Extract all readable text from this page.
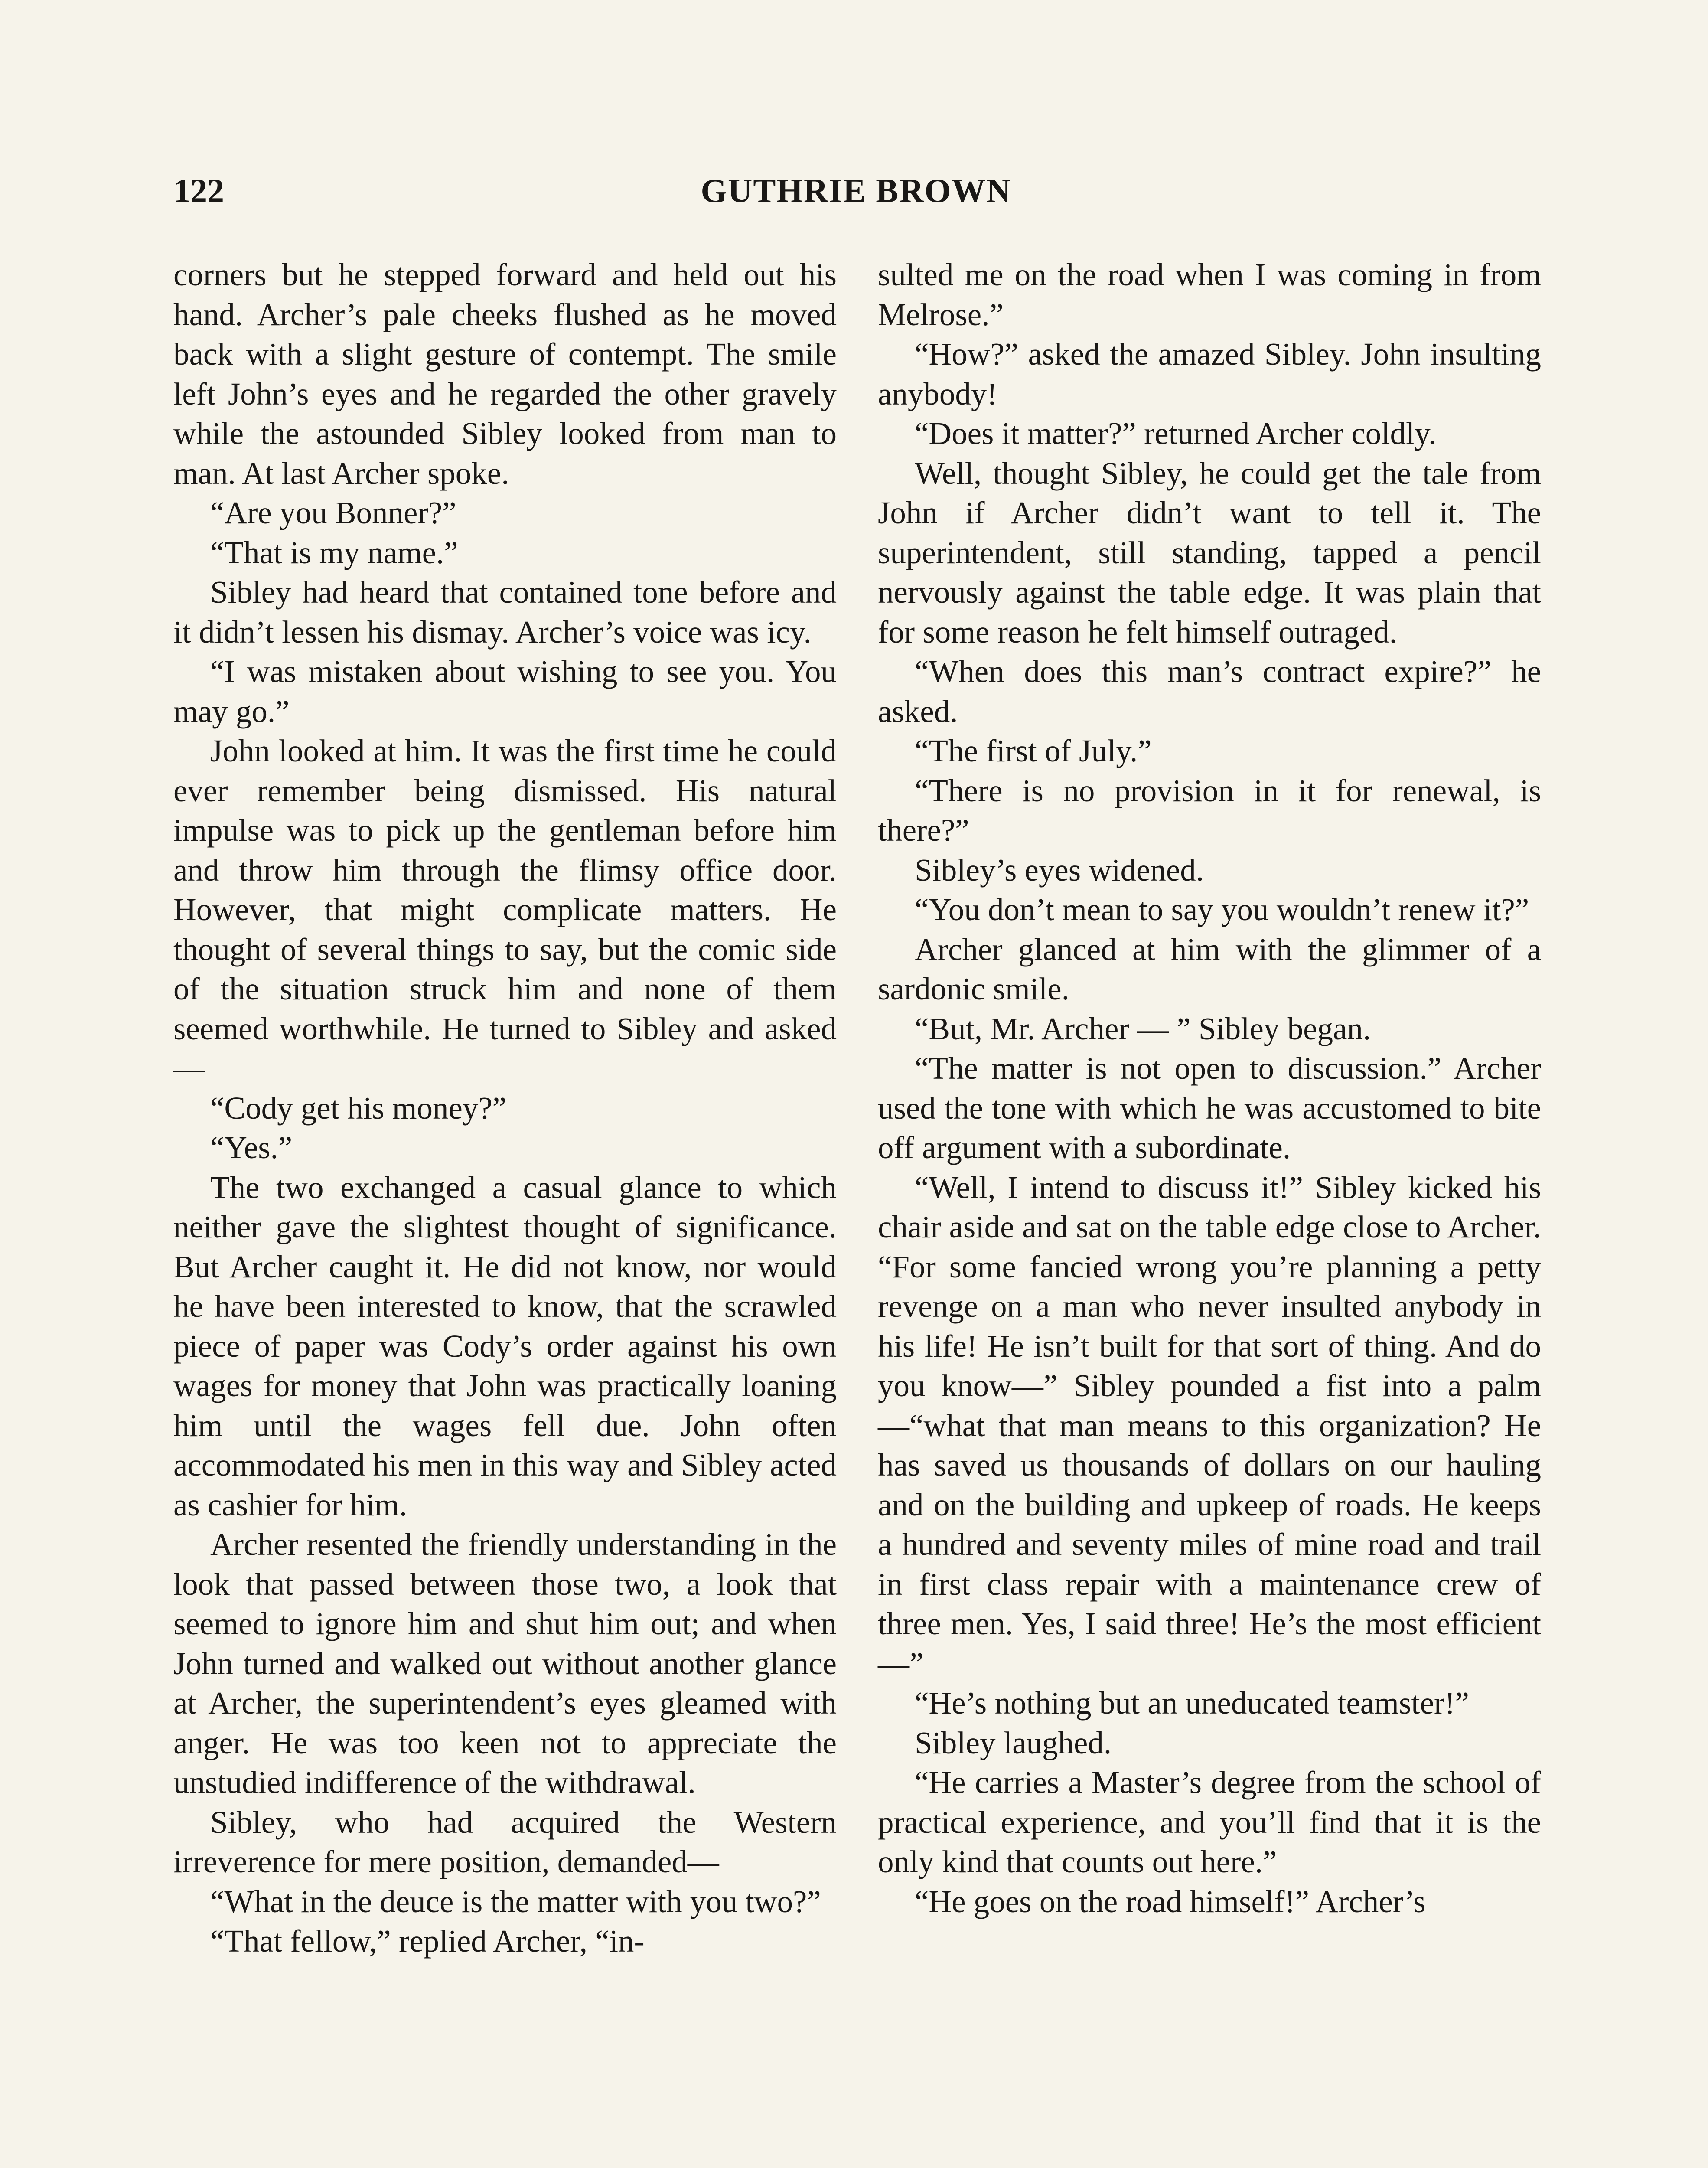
122	GUTHRIE BROWN

corners but he stepped forward and held out his hand. Archer’s pale cheeks flushed as he moved back with a slight gesture of contempt. The smile left John’s eyes and he regarded the other gravely while the astounded Sibley looked from man to man. At last Archer spoke.

“Are you Bonner?”

“That is my name.”

Sibley had heard that contained tone before and it didn’t lessen his dismay. Archer’s voice was icy.

“I was mistaken about wishing to see you. You may go.”

John looked at him. It was the first time he could ever remember being dismissed. His natural impulse was to pick up the gentleman before him and throw him through the flimsy office door. However, that might complicate matters. He thought of several things to say, but the comic side of the situation struck him and none of them seemed worthwhile. He turned to Sibley and asked—

“Cody get his money?”

“Yes.”

The two exchanged a casual glance to which neither gave the slightest thought of significance. But Archer caught it. He did not know, nor would he have been interested to know, that the scrawled piece of paper was Cody’s order against his own wages for money that John was practically loaning him until the wages fell due. John often accommodated his men in this way and Sibley acted as cashier for him.

Archer resented the friendly understanding in the look that passed between those two, a look that seemed to ignore him and shut him out; and when John turned and walked out without another glance at Archer, the superintendent’s eyes gleamed with anger. He was too keen not to appreciate the unstudied indifference of the withdrawal.

Sibley, who had acquired the Western irreverence for mere position, demanded—

“What in the deuce is the matter with you two?”

“That fellow,” replied Archer, “in-

sulted me on the road when I was coming in from Melrose.”

“How?” asked the amazed Sibley. John insulting anybody!

“Does it matter?” returned Archer coldly.

Well, thought Sibley, he could get the tale from John if Archer didn’t want to tell it. The superintendent, still standing, tapped a pencil nervously against the table edge. It was plain that for some reason he felt himself outraged.

“When does this man’s contract expire?” he asked.

“The first of July.”

“There is no provision in it for renewal, is there?”

Sibley’s eyes widened.

“You don’t mean to say you wouldn’t renew it?”

Archer glanced at him with the glimmer of a sardonic smile.

“But, Mr. Archer — ” Sibley began.

“The matter is not open to discussion.” Archer used the tone with which he was accustomed to bite off argument with a subordinate.

“Well, I intend to discuss it!” Sibley kicked his chair aside and sat on the table edge close to Archer. “For some fancied wrong you’re planning a petty revenge on a man who never insulted anybody in his life! He isn’t built for that sort of thing. And do you know—” Sibley pounded a fist into a palm—“what that man means to this organization? He has saved us thousands of dollars on our hauling and on the building and upkeep of roads. He keeps a hundred and seventy miles of mine road and trail in first class repair with a maintenance crew of three men. Yes, I said three! He’s the most efficient—”

“He’s nothing but an uneducated teamster!”

Sibley laughed.

“He carries a Master’s degree from the school of practical experience, and you’ll find that it is the only kind that counts out here.”

“He goes on the road himself!” Archer’s
